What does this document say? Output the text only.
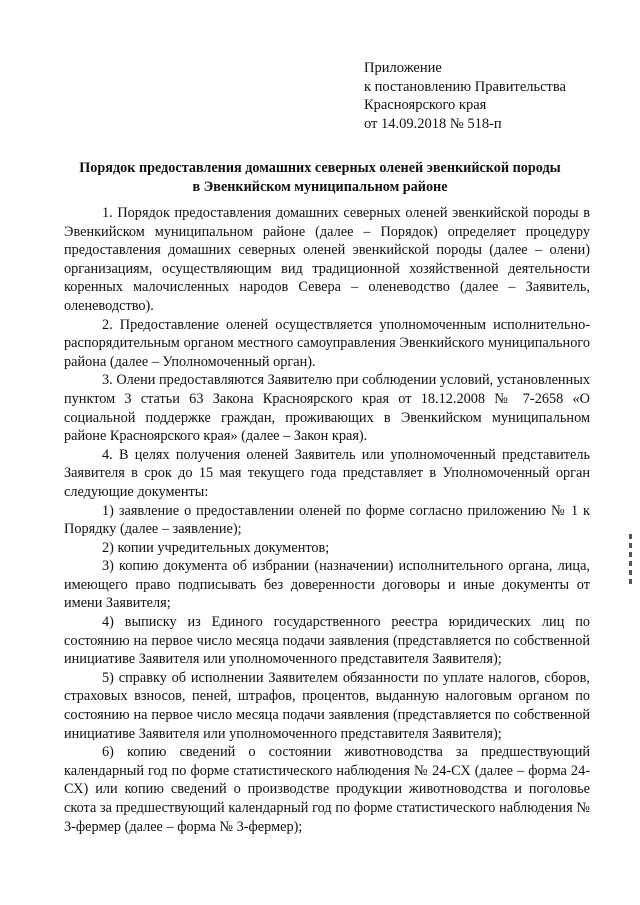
Приложение
к постановлению Правительства
Красноярского края
от 14.09.2018 № 518-п
Порядок предоставления домашних северных оленей эвенкийской породы
в Эвенкийском муниципальном районе

1. Порядок предоставления домашних северных оленей эвенкийской породы в Эвенкийском муниципальном районе (далее – Порядок) определяет процедуру предоставления домашних северных оленей эвенкийской породы (далее – олени) организациям, осуществляющим вид традиционной хозяйственной деятельности коренных малочисленных народов Севера – оленеводство (далее – Заявитель, оленеводство).

2. Предоставление оленей осуществляется уполномоченным исполнительно-распорядительным органом местного самоуправления Эвенкийского муниципального района (далее – Уполномоченный орган).

3. Олени предоставляются Заявителю при соблюдении условий, установленных пунктом 3 статьи 63 Закона Красноярского края от 18.12.2008 № 7-2658 «О социальной поддержке граждан, проживающих в Эвенкийском муниципальном районе Красноярского края» (далее – Закон края).

4. В целях получения оленей Заявитель или уполномоченный представитель Заявителя в срок до 15 мая текущего года представляет в Уполномоченный орган следующие документы:

1) заявление о предоставлении оленей по форме согласно приложению № 1 к Порядку (далее – заявление);

2) копии учредительных документов;

3) копию документа об избрании (назначении) исполнительного органа, лица, имеющего право подписывать без доверенности договоры и иные документы от имени Заявителя;

4) выписку из Единого государственного реестра юридических лиц по состоянию на первое число месяца подачи заявления (представляется по собственной инициативе Заявителя или уполномоченного представителя Заявителя);

5) справку об исполнении Заявителем обязанности по уплате налогов, сборов, страховых взносов, пеней, штрафов, процентов, выданную налоговым органом по состоянию на первое число месяца подачи заявления (представляется по собственной инициативе Заявителя или уполномоченного представителя Заявителя);

6) копию сведений о состоянии животноводства за предшествующий календарный год по форме статистического наблюдения № 24-СХ (далее – форма 24-СХ) или копию сведений о производстве продукции животноводства и поголовье скота за предшествующий календарный год по форме статистического наблюдения № 3-фермер (далее – форма № 3-фермер);
